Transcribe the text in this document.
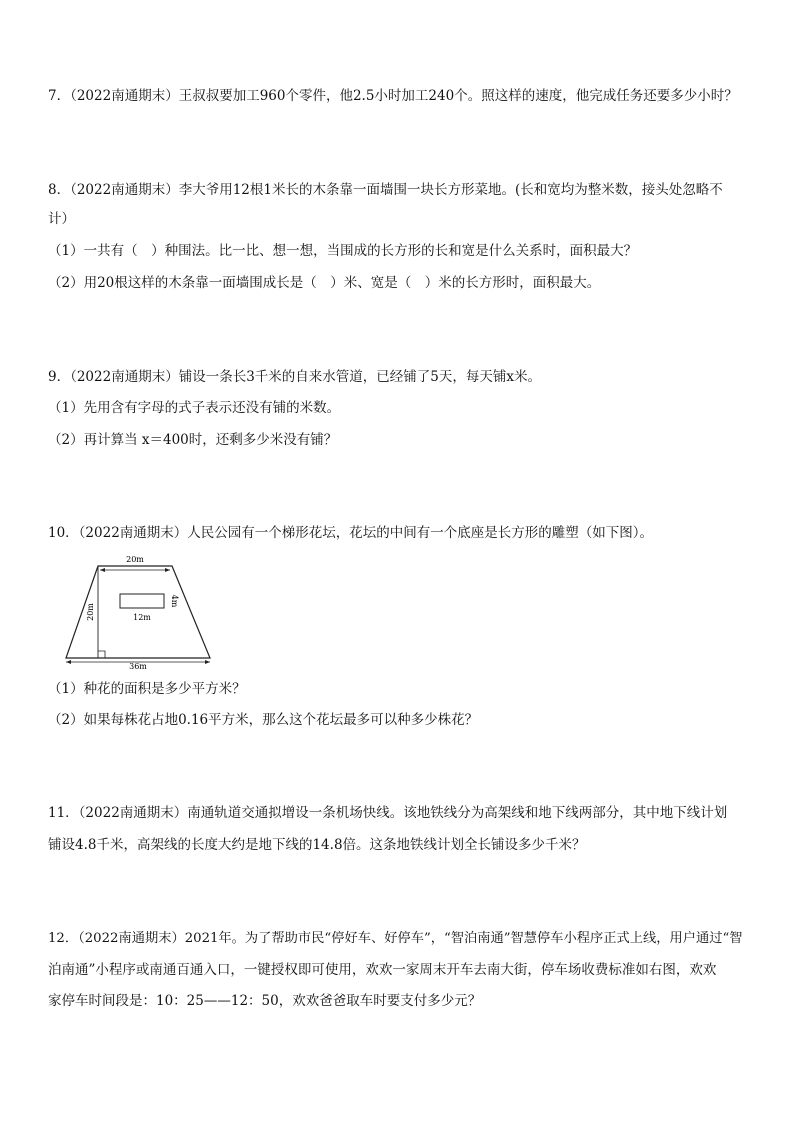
7．（2022南通期末）王叔叔要加工960个零件，他2.5小时加工240个。照这样的速度，他完成任务还要多少小时？
8．（2022南通期末）李大爷用12根1米长的木条靠一面墙围一块长方形菜地。(长和宽均为整米数，接头处忽略不
计）
（1）一共有（　）种围法。比一比、想一想，当围成的长方形的长和宽是什么关系时，面积最大？
（2）用20根这样的木条靠一面墙围成长是（　）米、宽是（　）米的长方形时，面积最大。
9．（2022南通期末）铺设一条长3千米的自来水管道，已经铺了5天，每天铺x米。
（1）先用含有字母的式子表示还没有铺的米数。
（2）再计算当 x＝400时，还剩多少米没有铺？
10．（2022南通期末）人民公园有一个梯形花坛，花坛的中间有一个底座是长方形的雕塑（如下图）。
20m
20m	12m
4m
36m
（1）种花的面积是多少平方米？
（2）如果每株花占地0.16平方米，那么这个花坛最多可以种多少株花？
11．（2022南通期末）南通轨道交通拟增设一条机场快线。该地铁线分为高架线和地下线两部分，其中地下线计划
铺设4.8千米，高架线的长度大约是地下线的14.8倍。这条地铁线计划全长铺设多少千米？
12．（2022南通期末）2021年。为了帮助市民“停好车、好停车”，“智泊南通”智慧停车小程序正式上线，用户通过“智
泊南通”小程序或南通百通入口，一键授权即可使用，欢欢一家周末开车去南大街，停车场收费标准如右图，欢欢
家停车时间段是：10：25——12：50，欢欢爸爸取车时要支付多少元？
